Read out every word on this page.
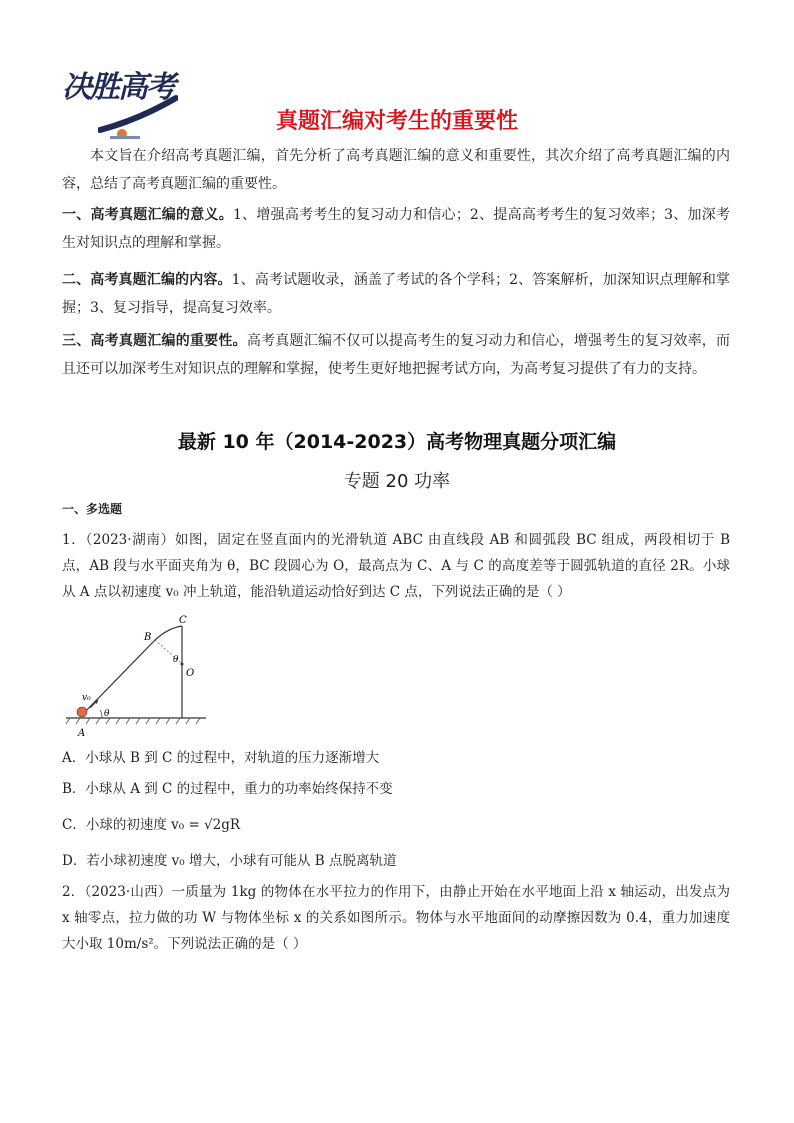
决胜高考
真题汇编对考生的重要性
本文旨在介绍高考真题汇编，首先分析了高考真题汇编的意义和重要性，其次介绍了高考真题汇编的内容，总结了高考真题汇编的重要性。
一、高考真题汇编的意义。1、增强高考考生的复习动力和信心；2、提高高考考生的复习效率；3、加深考生对知识点的理解和掌握。
二、高考真题汇编的内容。1、高考试题收录，涵盖了考试的各个学科；2、答案解析，加深知识点理解和掌握；3、复习指导，提高复习效率。
三、高考真题汇编的重要性。高考真题汇编不仅可以提高考生的复习动力和信心，增强考生的复习效率，而且还可以加深考生对知识点的理解和掌握，使考生更好地把握考试方向，为高考复习提供了有力的支持。
最新 10 年（2014-2023）高考物理真题分项汇编
专题 20 功率
一、多选题
1．（2023·湖南）如图，固定在竖直面内的光滑轨道 ABC 由直线段 AB 和圆弧段 BC 组成，两段相切于 B 点，AB 段与水平面夹角为 θ，BC 段圆心为 O，最高点为 C、A 与 C 的高度差等于圆弧轨道的直径 2R。小球从 A 点以初速度 v₀ 冲上轨道，能沿轨道运动恰好到达 C 点，下列说法正确的是（ ）
A
B
C
O
θ
θ
v₀
A．小球从 B 到 C 的过程中，对轨道的压力逐渐增大
B．小球从 A 到 C 的过程中，重力的功率始终保持不变
C．小球的初速度 v₀ = √2gR
D．若小球初速度 v₀ 增大，小球有可能从 B 点脱离轨道
2．（2023·山西）一质量为 1kg 的物体在水平拉力的作用下，由静止开始在水平地面上沿 x 轴运动，出发点为 x 轴零点，拉力做的功 W 与物体坐标 x 的关系如图所示。物体与水平地面间的动摩擦因数为 0.4，重力加速度大小取 10m/s²。下列说法正确的是（ ）
